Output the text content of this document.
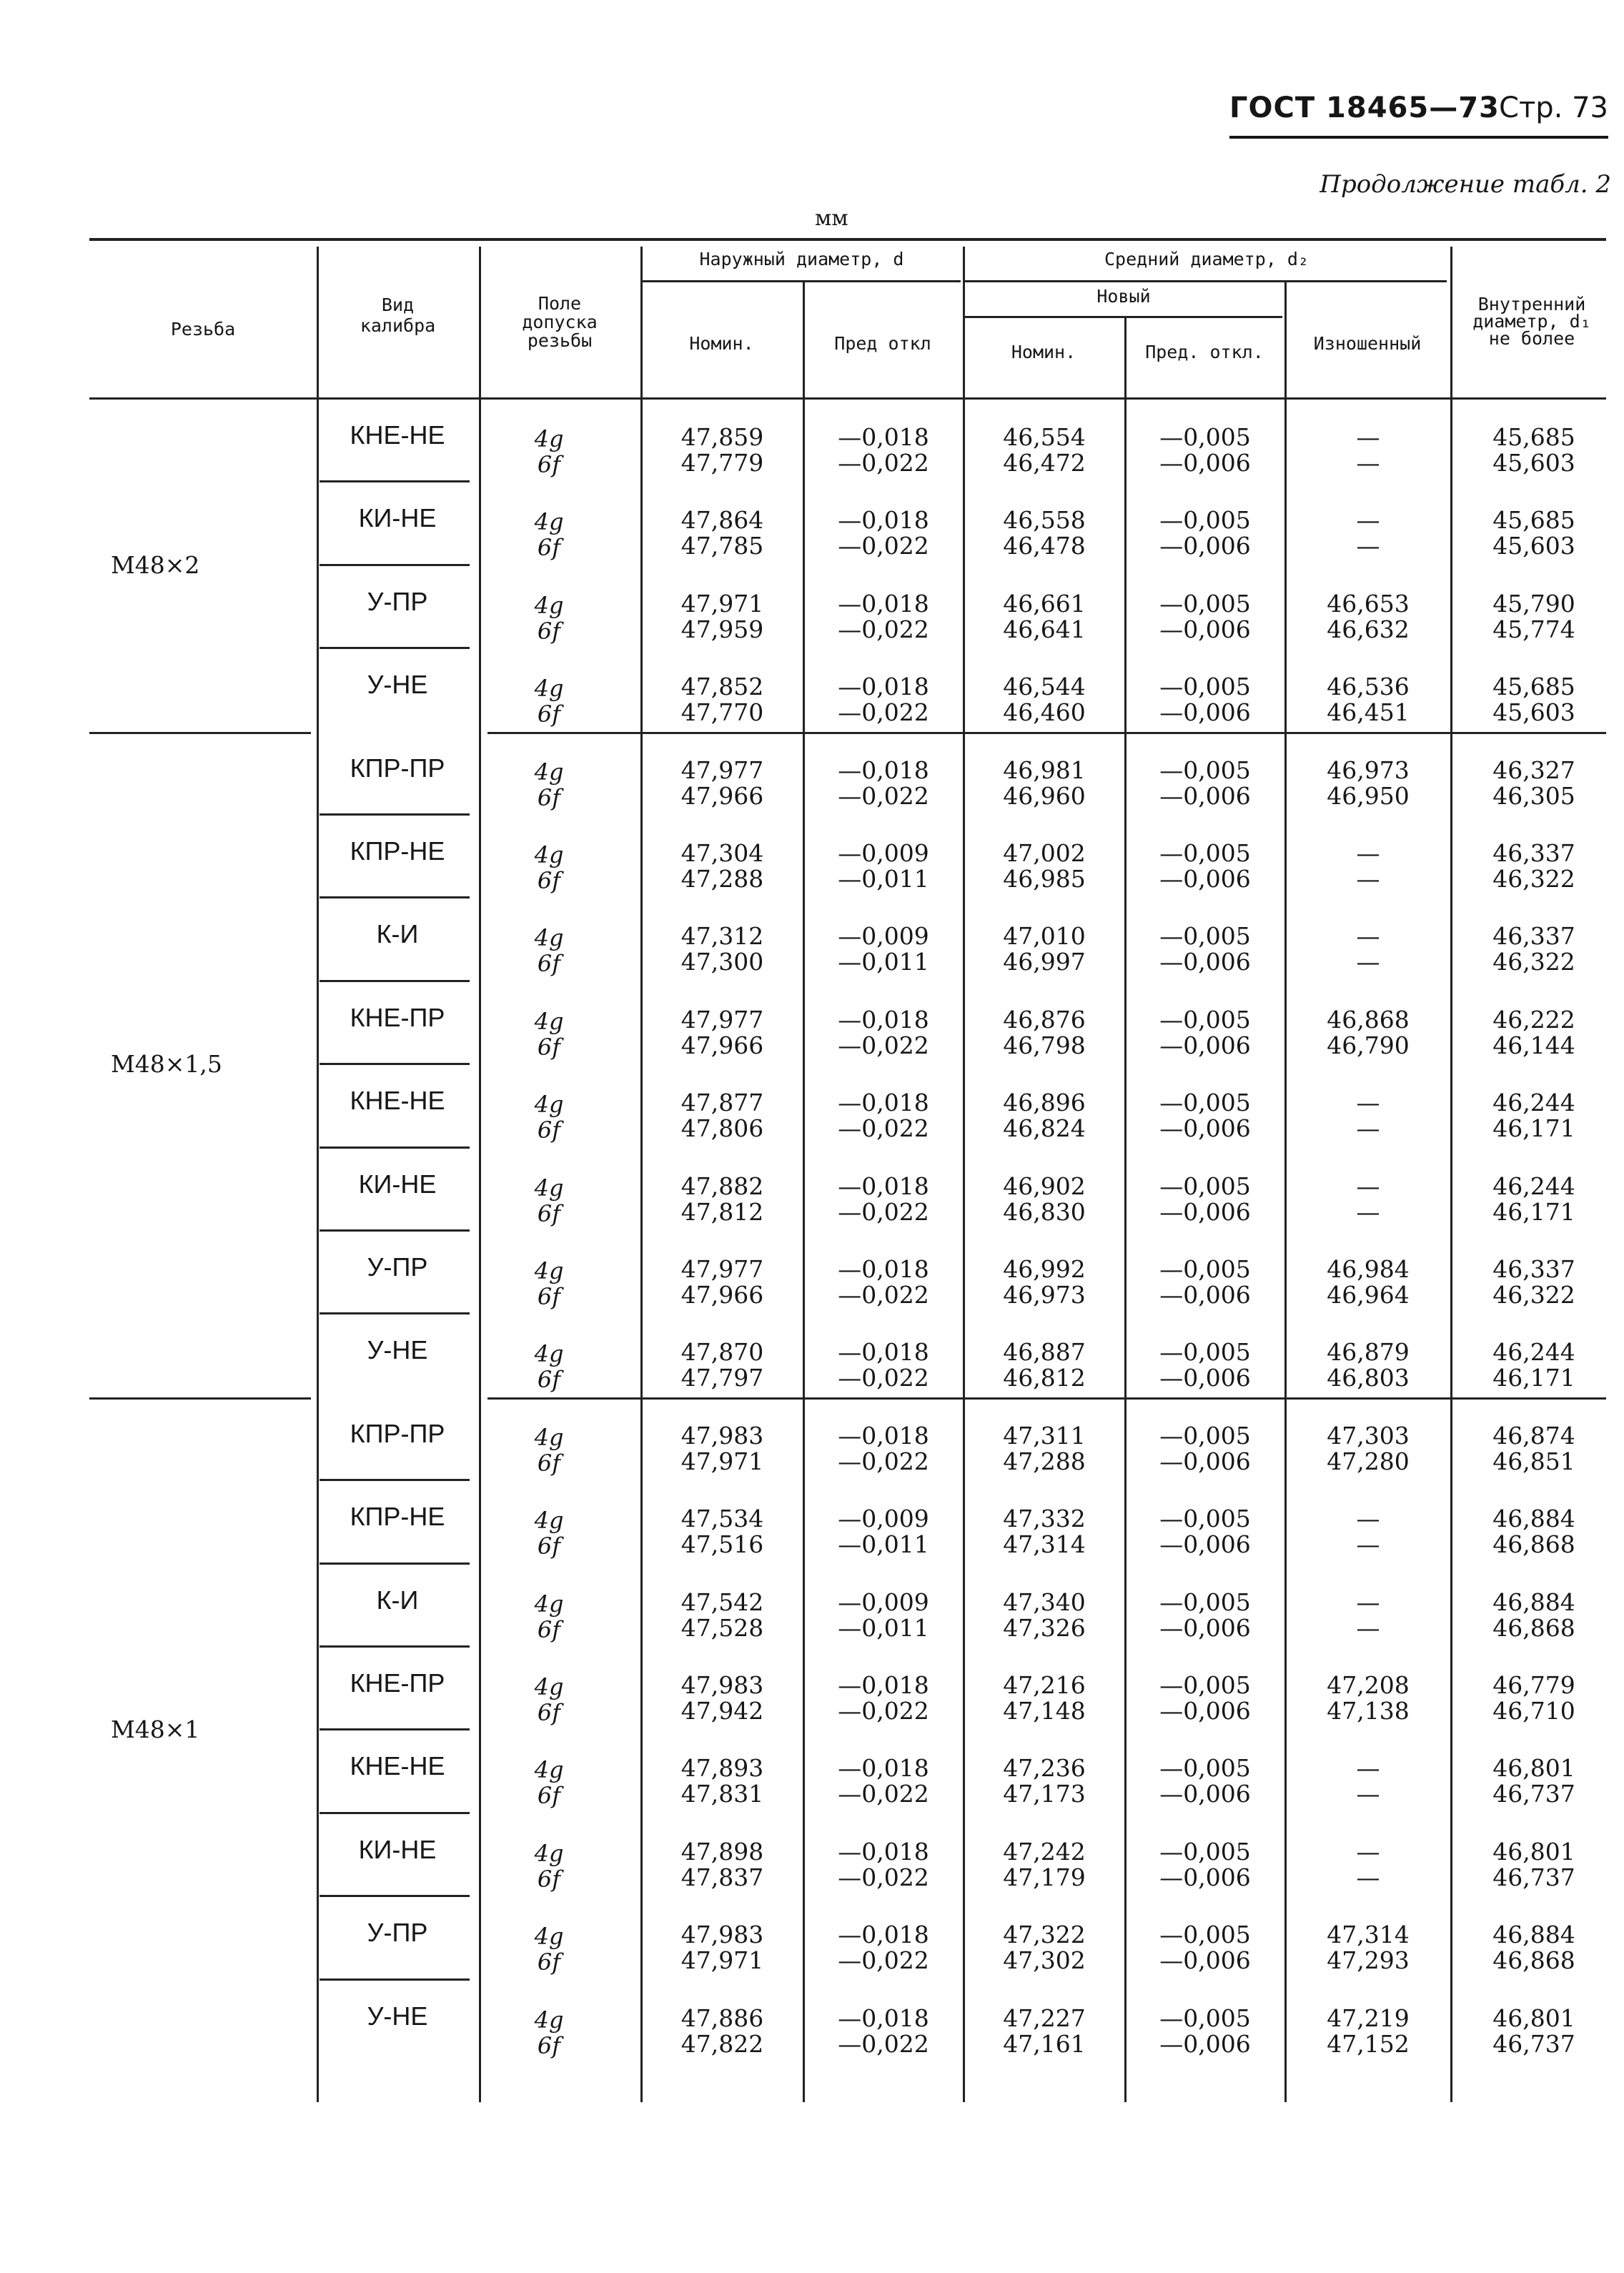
ГОСТ 18465—73 Стр. 73
Продолжение табл. 2
мм
Резьба
Вид
калибра
Поле
допуска
резьбы
Наружный диаметр, d
Номин.	Пред откл
Средний диаметр, d₂
Новый
Номин.	Пред. откл.	Изношенный
Внутренний
диаметр, d₁
не более
М48×2
КНЕ-НЕ	4g	47,859	—0,018	46,554	—0,005	—	45,685
6f	47,779	—0,022	46,472	—0,006	—	45,603
КИ-НЕ	4g	47,864	—0,018	46,558	—0,005	—	45,685
6f	47,785	—0,022	46,478	—0,006	—	45,603
У-ПР	4g	47,971	—0,018	46,661	—0,005	46,653	45,790
6f	47,959	—0,022	46,641	—0,006	46,632	45,774
У-НЕ	4g	47,852	—0,018	46,544	—0,005	46,536	45,685
6f	47,770	—0,022	46,460	—0,006	46,451	45,603
М48×1,5
КПР-ПР	4g	47,977	—0,018	46,981	—0,005	46,973	46,327
6f	47,966	—0,022	46,960	—0,006	46,950	46,305
КПР-НЕ	4g	47,304	—0,009	47,002	—0,005	—	46,337
6f	47,288	—0,011	46,985	—0,006	—	46,322
К-И	4g	47,312	—0,009	47,010	—0,005	—	46,337
6f	47,300	—0,011	46,997	—0,006	—	46,322
КНЕ-ПР	4g	47,977	—0,018	46,876	—0,005	46,868	46,222
6f	47,966	—0,022	46,798	—0,006	46,790	46,144
КНЕ-НЕ	4g	47,877	—0,018	46,896	—0,005	—	46,244
6f	47,806	—0,022	46,824	—0,006	—	46,171
КИ-НЕ	4g	47,882	—0,018	46,902	—0,005	—	46,244
6f	47,812	—0,022	46,830	—0,006	—	46,171
У-ПР	4g	47,977	—0,018	46,992	—0,005	46,984	46,337
6f	47,966	—0,022	46,973	—0,006	46,964	46,322
У-НЕ	4g	47,870	—0,018	46,887	—0,005	46,879	46,244
6f	47,797	—0,022	46,812	—0,006	46,803	46,171
М48×1
КПР-ПР	4g	47,983	—0,018	47,311	—0,005	47,303	46,874
6f	47,971	—0,022	47,288	—0,006	47,280	46,851
КПР-НЕ	4g	47,534	—0,009	47,332	—0,005	—	46,884
6f	47,516	—0,011	47,314	—0,006	—	46,868
К-И	4g	47,542	—0,009	47,340	—0,005	—	46,884
6f	47,528	—0,011	47,326	—0,006	—	46,868
КНЕ-ПР	4g	47,983	—0,018	47,216	—0,005	47,208	46,779
6f	47,942	—0,022	47,148	—0,006	47,138	46,710
КНЕ-НЕ	4g	47,893	—0,018	47,236	—0,005	—	46,801
6f	47,831	—0,022	47,173	—0,006	—	46,737
КИ-НЕ	4g	47,898	—0,018	47,242	—0,005	—	46,801
6f	47,837	—0,022	47,179	—0,006	—	46,737
У-ПР	4g	47,983	—0,018	47,322	—0,005	47,314	46,884
6f	47,971	—0,022	47,302	—0,006	47,293	46,868
У-НЕ	4g	47,886	—0,018	47,227	—0,005	47,219	46,801
6f	47,822	—0,022	47,161	—0,006	47,152	46,737
